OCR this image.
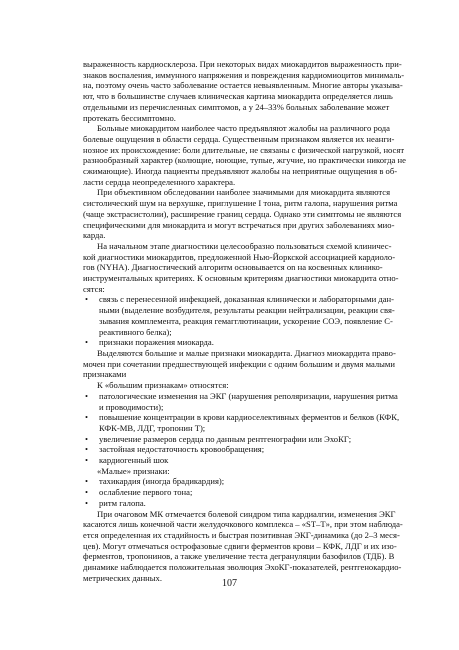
выраженность кардиосклероза. При некоторых видах миокардитов выраженность при-
знаков воспаления, иммунного напряжения и повреждения кардиомиоцитов минималь-
на, поэтому очень часто заболевание остается невыявленным. Многие авторы указыва-
ют, что в большинстве случаев клиническая картина миокардита определяется лишь
отдельными из перечисленных симптомов, а у 24–33% больных заболевание может
протекать бессимптомно.
Больные миокардитом наиболее часто предъявляют жалобы на различного рода
болевые ощущения в области сердца. Существенным признаком является их неанги-
нозное их происхождение: боли длительные, не связаны с физической нагрузкой, носят
разнообразный характер (колющие, ноющие, тупые, жгучие, но практически никогда не
сжимающие). Иногда пациенты предъявляют жалобы на неприятные ощущения в об-
ласти сердца неопределенного характера.
При объективном обследовании наиболее значимыми для миокардита являются
систолический шум на верхушке, приглушение I тона, ритм галопа, нарушения ритма
(чаще экстрасистолии), расширение границ сердца. Однако эти симптомы не являются
специфическими для миокардита и могут встречаться при других заболеваниях мио-
карда.
На начальном этапе диагностики целесообразно пользоваться схемой клиничес-
кой диагностики миокардитов, предложенной Нью-Йоркской ассоциацией кардиоло-
гов (NYHA). Диагностический алгоритм основывается on на косвенных клинико-
инструментальных критериях. К основным критериям диагностики миокардита отно-
сятся:
• связь с перенесенной инфекцией, доказанная клинически и лабораторными дан-
ными (выделение возбудителя, результаты реакции нейтрализации, реакции свя-
зывания комплемента, реакция гемагглютинации, ускорение СОЭ, появление С-
реактивного белка);
• признаки поражения миокарда.
Выделяются большие и малые признаки миокардита. Диагноз миокардита право-
мочен при сочетании предшествующей инфекции с одним большим и двумя малыми
признаками
К «большим признакам» относятся:
• патологические изменения на ЭКГ (нарушения реполяризации, нарушения ритма
и проводимости);
• повышение концентрации в крови кардиоселективных ферментов и белков (КФК,
КФК-МВ, ЛДГ, тропонин Т);
• увеличение размеров сердца по данным рентгенографии или ЭхоКГ;
• застойная недостаточность кровообращения;
• кардиогенный шок
«Малые» признаки:
• тахикардия (иногда брадикардия);
• ослабление первого тона;
• ритм галопа.
При очаговом МК отмечается болевой синдром типа кардиалгии, изменения ЭКГ
касаются лишь конечной части желудочкового комплекса – «ST–T», при этом наблюда-
ется определенная их стадийность и быстрая позитивная ЭКГ-динамика (до 2–3 меся-
цев). Могут отмечаться острофазовые сдвиги ферментов крови – КФК, ЛДГ и их изо-
ферментов, тропонинов, а также увеличение теста дегрануляции базофилов (ТДБ). В
динамике наблюдается положительная эволюция ЭхоКГ-показателей, рентгенокардио-
метрических данных.
107
